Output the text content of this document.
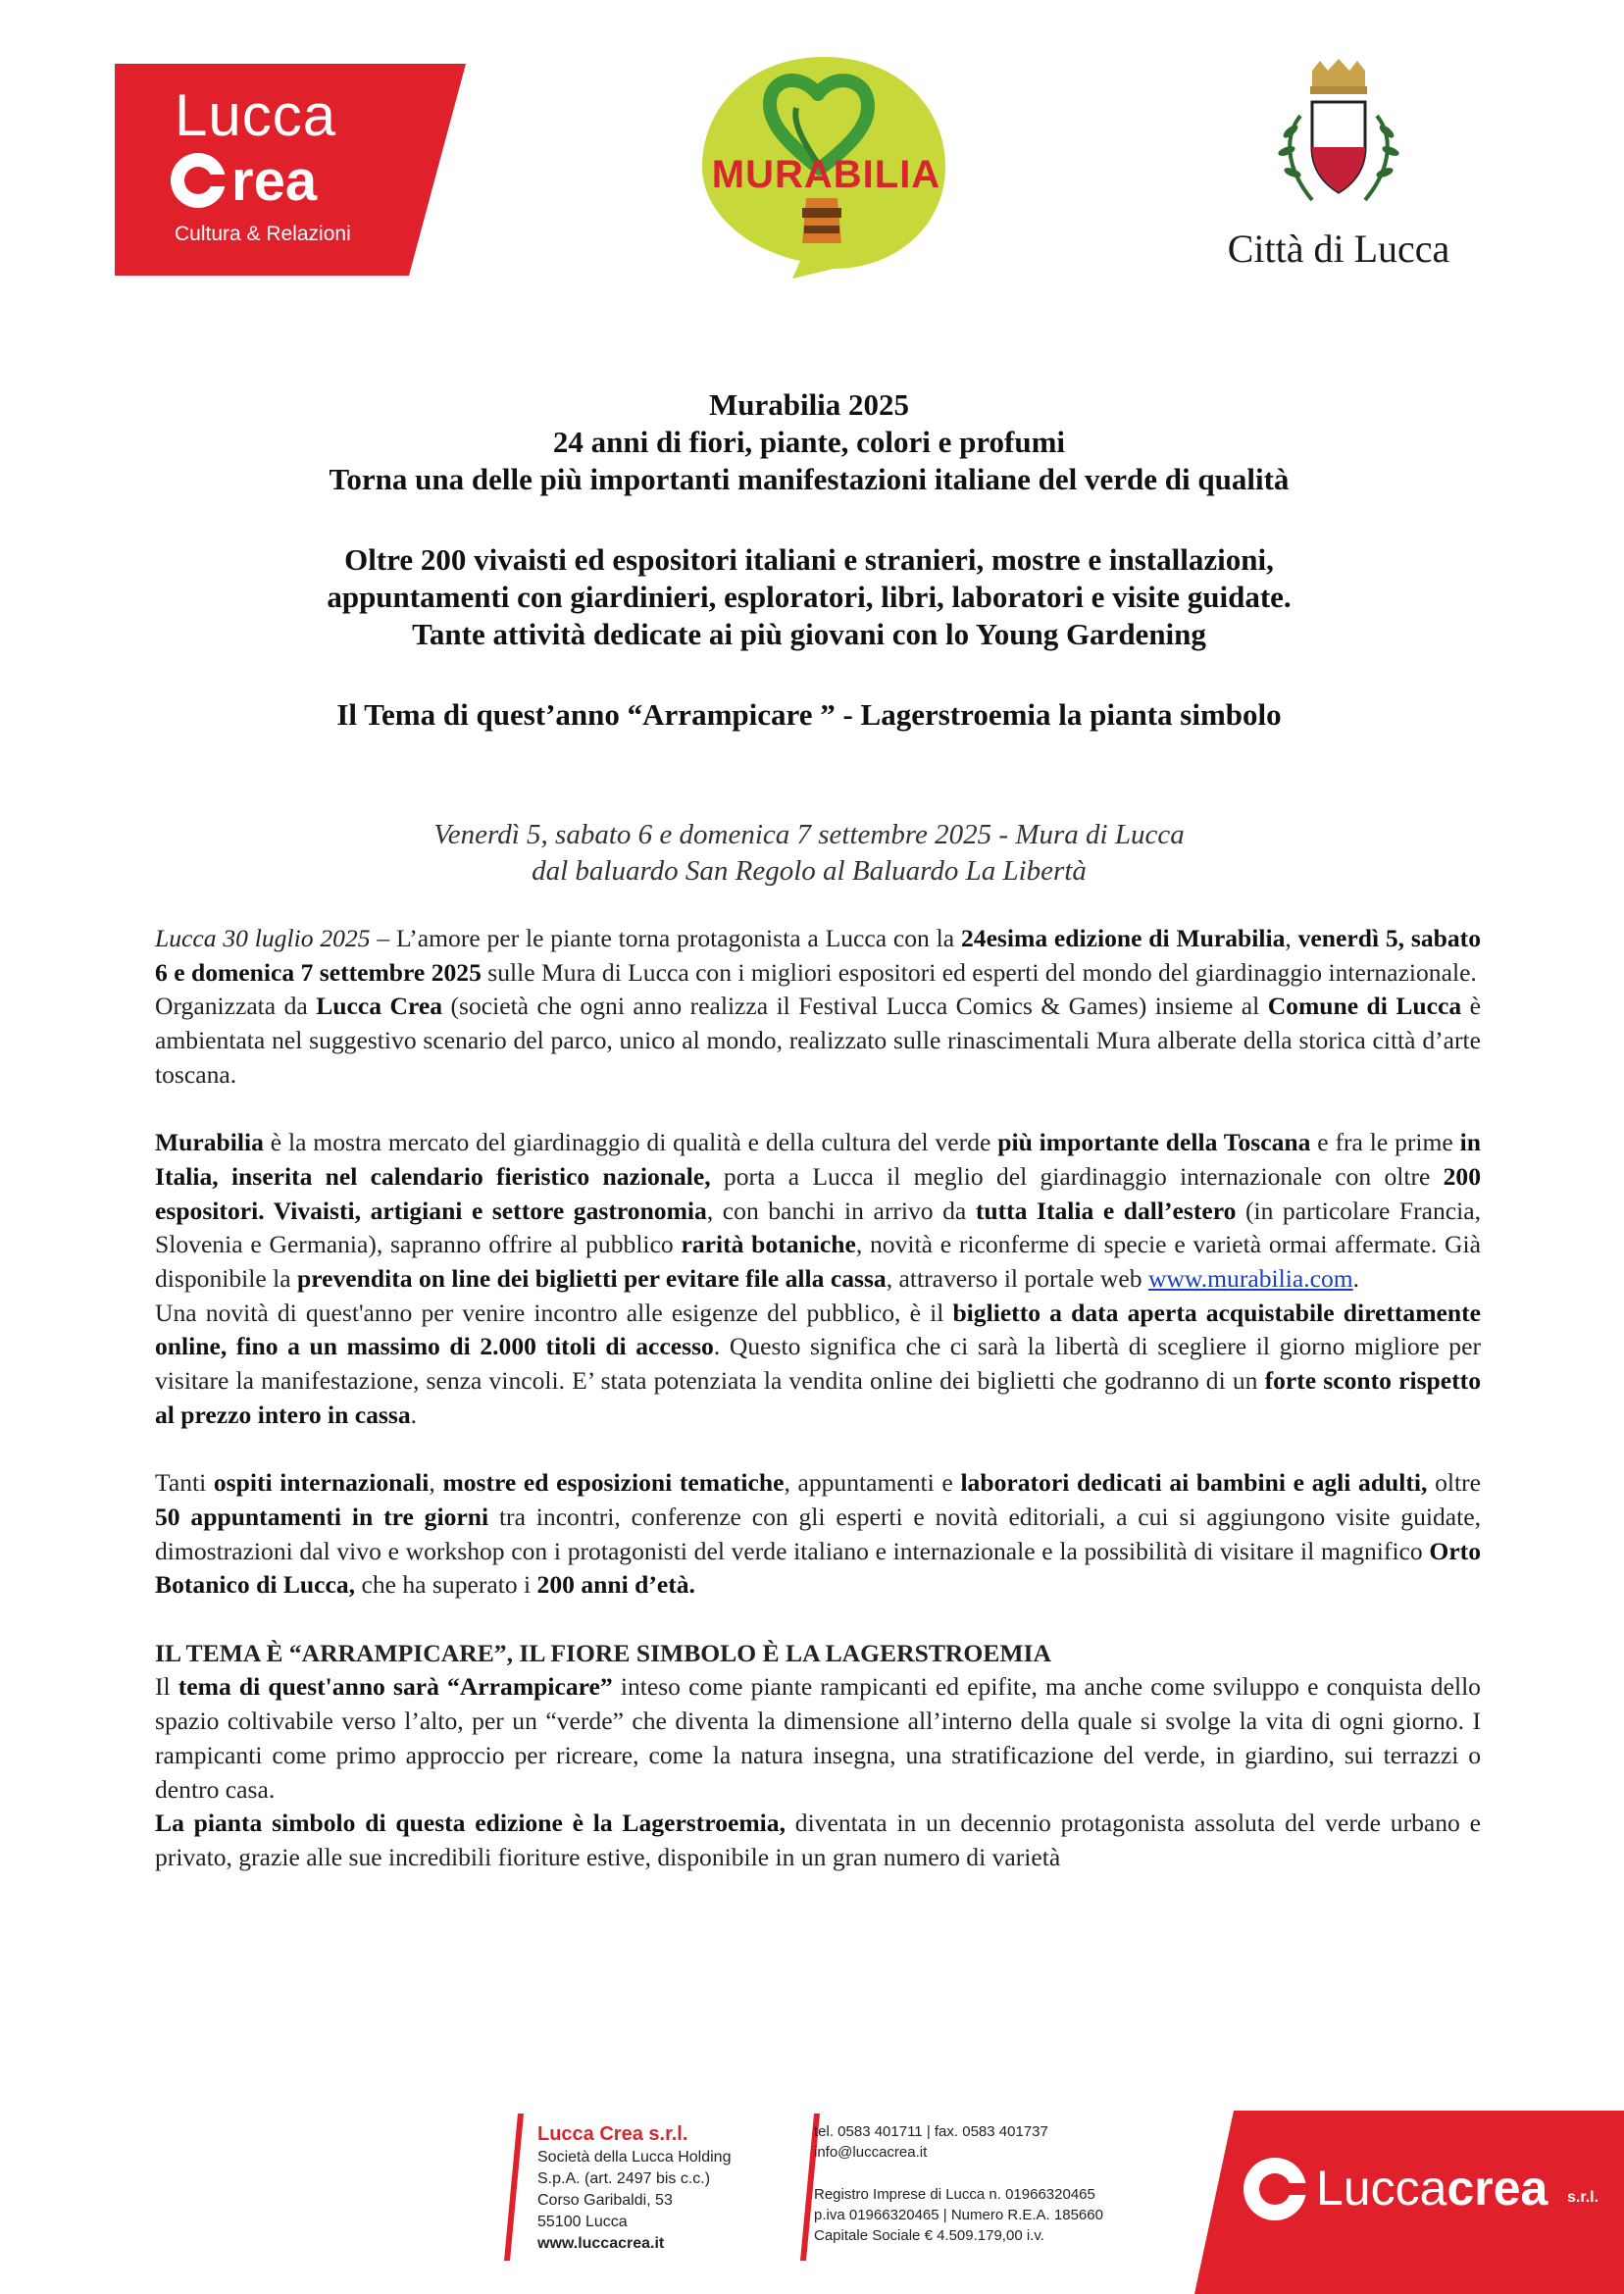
Lucca
rea
Cultura & Relazioni
MURABILIA
Città di Lucca

Murabilia 2025

24 anni di fiori, piante, colori e profumi

Torna una delle più importanti manifestazioni italiane del verde di qualità

Oltre 200 vivaisti ed espositori italiani e stranieri, mostre e installazioni,

appuntamenti con giardinieri, esploratori, libri, laboratori e visite guidate.

Tante attività dedicate ai più giovani con lo Young Gardening

Il Tema di quest’anno “Arrampicare ” - Lagerstroemia la pianta simbolo

Venerdì 5, sabato 6 e domenica 7 settembre 2025 - Mura di Lucca

dal baluardo San Regolo al Baluardo La Libertà

Lucca 30 luglio 2025 – L’amore per le piante torna protagonista a Lucca con la 24esima edizione di Murabilia, venerdì 5, sabato 6 e domenica 7 settembre 2025 sulle Mura di Lucca con i migliori espositori ed esperti del mondo del giardinaggio internazionale.

Organizzata da Lucca Crea (società che ogni anno realizza il Festival Lucca Comics & Games) insieme al Comune di Lucca è ambientata nel suggestivo scenario del parco, unico al mondo, realizzato sulle rinascimentali Mura alberate della storica città d’arte toscana.

Murabilia è la mostra mercato del giardinaggio di qualità e della cultura del verde più importante della Toscana e fra le prime in Italia, inserita nel calendario fieristico nazionale, porta a Lucca il meglio del giardinaggio internazionale con oltre 200 espositori. Vivaisti, artigiani e settore gastronomia, con banchi in arrivo da tutta Italia e dall’estero (in particolare Francia, Slovenia e Germania), sapranno offrire al pubblico rarità botaniche, novità e riconferme di specie e varietà ormai affermate. Già disponibile la prevendita on line dei biglietti per evitare file alla cassa, attraverso il portale web www.murabilia.com.

Una novità di quest'anno per venire incontro alle esigenze del pubblico, è il biglietto a data aperta acquistabile direttamente online, fino a un massimo di 2.000 titoli di accesso. Questo significa che ci sarà la libertà di scegliere il giorno migliore per visitare la manifestazione, senza vincoli. E’ stata potenziata la vendita online dei biglietti che godranno di un forte sconto rispetto al prezzo intero in cassa.

Tanti ospiti internazionali, mostre ed esposizioni tematiche, appuntamenti e laboratori dedicati ai bambini e agli adulti, oltre 50 appuntamenti in tre giorni tra incontri, conferenze con gli esperti e novità editoriali, a cui si aggiungono visite guidate, dimostrazioni dal vivo e workshop con i protagonisti del verde italiano e internazionale e la possibilità di visitare il magnifico Orto Botanico di Lucca, che ha superato i 200 anni d’età.

IL TEMA È “ARRAMPICARE”, IL FIORE SIMBOLO È LA LAGERSTROEMIA

Il tema di quest'anno sarà “Arrampicare” inteso come piante rampicanti ed epifite, ma anche come sviluppo e conquista dello spazio coltivabile verso l’alto, per un “verde” che diventa la dimensione all’interno della quale si svolge la vita di ogni giorno. I rampicanti come primo approccio per ricreare, come la natura insegna, una stratificazione del verde, in giardino, sui terrazzi o dentro casa.

La pianta simbolo di questa edizione è la Lagerstroemia, diventata in un decennio protagonista assoluta del verde urbano e privato, grazie alle sue incredibili fioriture estive, disponibile in un gran numero di varietà

Lucca Crea s.r.l.
Società della Lucca Holding
S.p.A. (art. 2497 bis c.c.)
Corso Garibaldi, 53
55100 Lucca
www.luccacrea.it
tel. 0583 401711 | fax. 0583 401737
info@luccacrea.it
Registro Imprese di Lucca n. 01966320465
p.iva 01966320465 | Numero R.E.A. 185660
Capitale Sociale € 4.509.179,00 i.v.
Luccacrea s.r.l.
